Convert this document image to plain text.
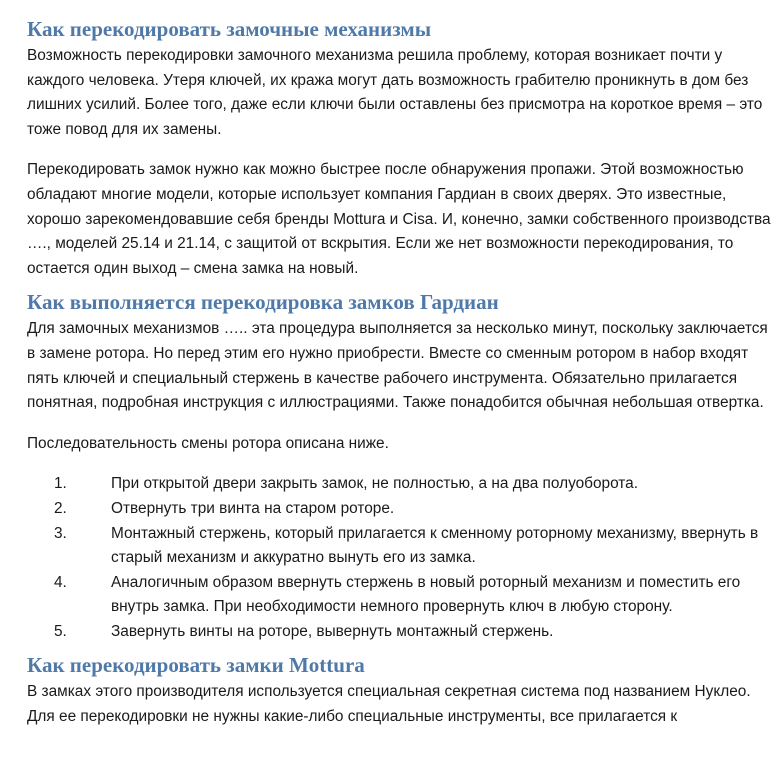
Как перекодировать замочные механизмы

Возможность перекодировки замочного механизма решила проблему, которая возникает почти у каждого человека. Утеря ключей, их кража могут дать возможность грабителю проникнуть в дом без лишних усилий. Более того, даже если ключи были оставлены без присмотра на короткое время – это тоже повод для их замены.

Перекодировать замок нужно как можно быстрее после обнаружения пропажи. Этой возможностью обладают многие модели, которые использует компания Гардиан в своих дверях. Это известные, хорошо зарекомендовавшие себя бренды Mottura и Cisa. И, конечно, замки собственного производства …., моделей 25.14 и 21.14, с защитой от вскрытия. Если же нет возможности перекодирования, то остается один выход – смена замка на новый.

Как выполняется перекодировка замков Гардиан

Для замочных механизмов ….. эта процедура выполняется за несколько минут, поскольку заключается в замене ротора. Но перед этим его нужно приобрести. Вместе со сменным ротором в набор входят пять ключей и специальный стержень в качестве рабочего инструмента. Обязательно прилагается понятная, подробная инструкция с иллюстрациями. Также понадобится обычная небольшая отвертка.

Последовательность смены ротора описана ниже.

1.	При открытой двери закрыть замок, не полностью, а на два полуоборота.
2.	Отвернуть три винта на старом роторе.
3.	Монтажный стержень, который прилагается к сменному роторному механизму, ввернуть в старый механизм и аккуратно вынуть его из замка.
4.	Аналогичным образом ввернуть стержень в новый роторный механизм и поместить его внутрь замка. При необходимости немного провернуть ключ в любую сторону.
5.	Завернуть винты на роторе, вывернуть монтажный стержень.
Как перекодировать замки Mottura

В замках этого производителя используется специальная секретная система под названием Нуклео. Для ее перекодировки не нужны какие-либо специальные инструменты, все прилагается к
